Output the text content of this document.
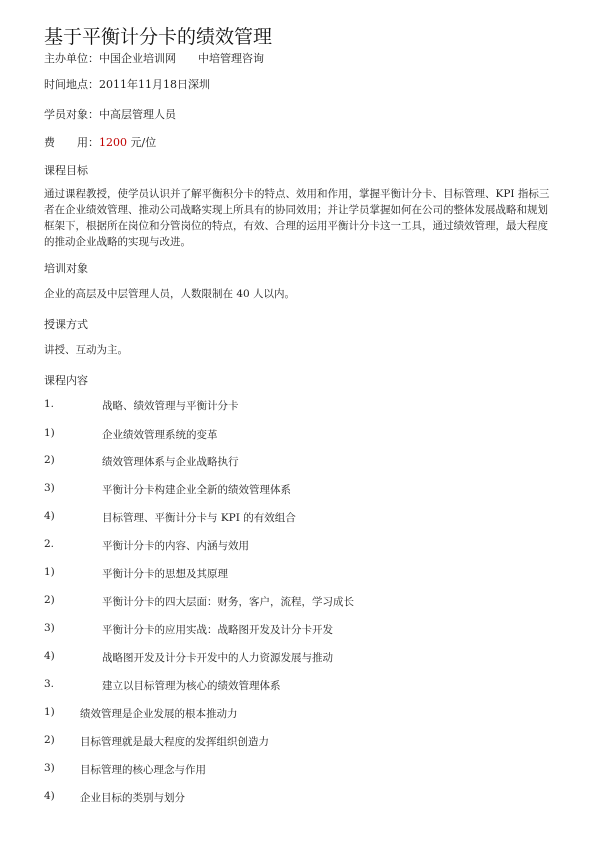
基于平衡计分卡的绩效管理
主办单位：中国企业培训网 中培管理咨询
时间地点：2011年11月18日深圳
学员对象：中高层管理人员
费　　用：1200 元/位
课程目标
通过课程教授，使学员认识并了解平衡积分卡的特点、效用和作用，掌握平衡计分卡、目标管理、KPI 指标三者在企业绩效管理、推动公司战略实现上所具有的协同效用；并让学员掌握如何在公司的整体发展战略和规划框架下，根据所在岗位和分管岗位的特点，有效、合理的运用平衡计分卡这一工具，通过绩效管理，最大程度的推动企业战略的实现与改进。
培训对象
企业的高层及中层管理人员，人数限制在 40 人以内。
授课方式
讲授、互动为主。
课程内容
1.	战略、绩效管理与平衡计分卡
1)	企业绩效管理系统的变革
2)	绩效管理体系与企业战略执行
3)	平衡计分卡构建企业全新的绩效管理体系
4)	目标管理、平衡计分卡与 KPI 的有效组合
2.	平衡计分卡的内容、内涵与效用
1)	平衡计分卡的思想及其原理
2)	平衡计分卡的四大层面：财务，客户，流程，学习成长
3)	平衡计分卡的应用实战：战略图开发及计分卡开发
4)	战略图开发及计分卡开发中的人力资源发展与推动
3.	建立以目标管理为核心的绩效管理体系
1) 绩效管理是企业发展的根本推动力
2) 目标管理就是最大程度的发挥组织创造力
3) 目标管理的核心理念与作用
4) 企业目标的类别与划分
